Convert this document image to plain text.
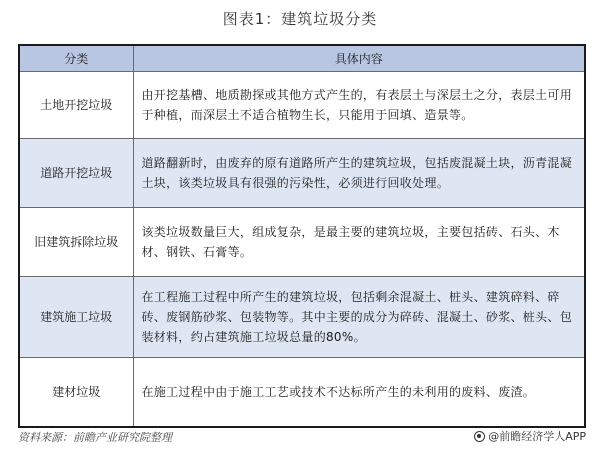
图表1：建筑垃圾分类
分类	具体内容
土地开挖垃圾	由开挖基槽、地质勘探或其他方式产生的，有表层土与深层土之分，表层土可用于种植，而深层土不适合植物生长，只能用于回填、造景等。
道路开挖垃圾	道路翻新时，由废弃的原有道路所产生的建筑垃圾，包括废混凝土块，沥青混凝土块，该类垃圾具有很强的污染性，必须进行回收处理。
旧建筑拆除垃圾	该类垃圾数量巨大，组成复杂，是最主要的建筑垃圾，主要包括砖、石头、木材、钢铁、石膏等。
建筑施工垃圾	在工程施工过程中所产生的建筑垃圾，包括剩余混凝土、桩头、建筑碎料、碎砖、废钢筋砂浆、包装物等。其中主要的成分为碎砖、混凝土、砂浆、桩头、包装材料，约占建筑施工垃圾总量的80%。
建材垃圾	在施工过程中由于施工工艺或技术不达标所产生的未利用的废料、废渣。
资料来源：前瞻产业研究院整理	@前瞻经济学人APP
